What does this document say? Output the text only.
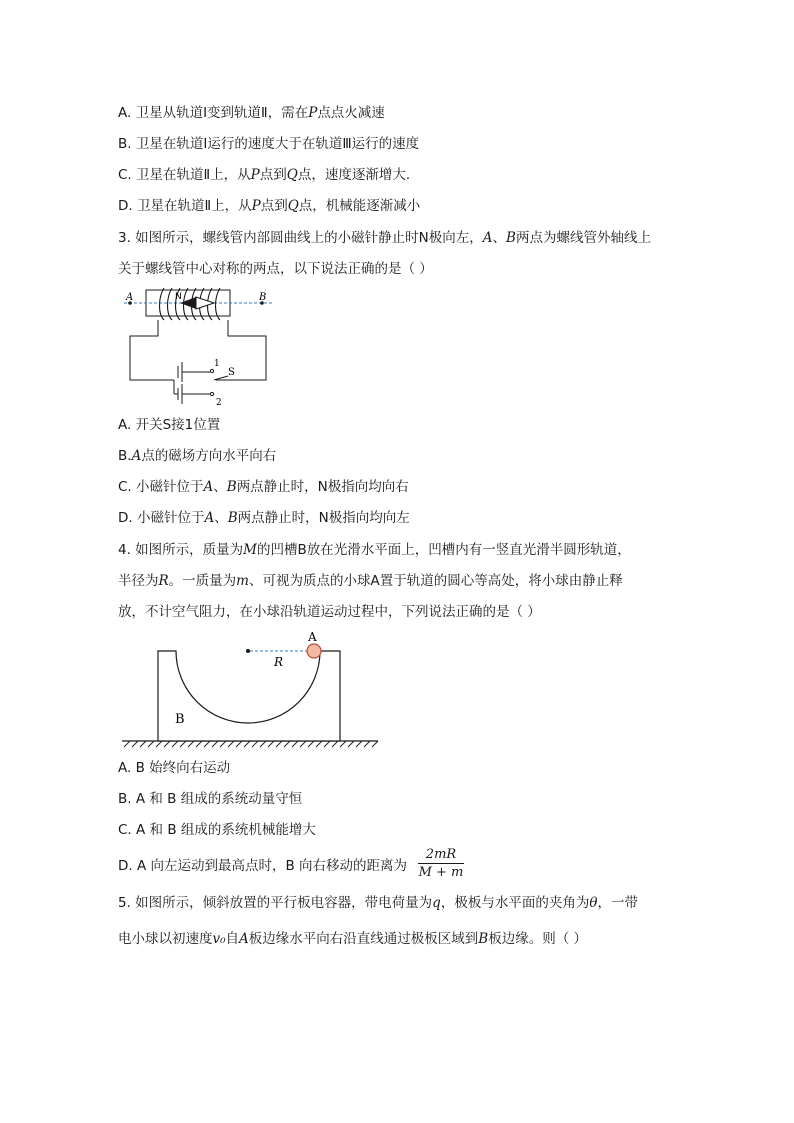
A. 卫星从轨道Ⅰ变到轨道Ⅱ，需在P点点火减速
B. 卫星在轨道Ⅰ运行的速度大于在轨道Ⅲ运行的速度
C. 卫星在轨道Ⅱ上，从P点到Q点，速度逐渐增大.
D. 卫星在轨道Ⅱ上，从P点到Q点，机械能逐渐减小
3. 如图所示，螺线管内部圆曲线上的小磁针静止时N极向左，A、B两点为螺线管外轴线上
关于螺线管中心对称的两点，以下说法正确的是（ ）
A	B
N
1
2
S
A. 开关S接1位置
B.A点的磁场方向水平向右
C. 小磁针位于A、B两点静止时，N极指向均向右
D. 小磁针位于A、B两点静止时，N极指向均向左
4. 如图所示，质量为M的凹槽B放在光滑水平面上，凹槽内有一竖直光滑半圆形轨道，
半径为R。一质量为m、可视为质点的小球A置于轨道的圆心等高处，将小球由静止释
放，不计空气阻力，在小球沿轨道运动过程中，下列说法正确的是（ ）
R
A
B
A. B 始终向右运动
B. A 和 B 组成的系统动量守恒
C. A 和 B 组成的系统机械能增大
D. A 向左运动到最高点时，B 向右移动的距离为 $\frac{2mR}{M + m}$
5. 如图所示，倾斜放置的平行板电容器，带电荷量为q，极板与水平面的夹角为θ，一带
电小球以初速度v₀自A板边缘水平向右沿直线通过极板区域到B板边缘。则（ ）
